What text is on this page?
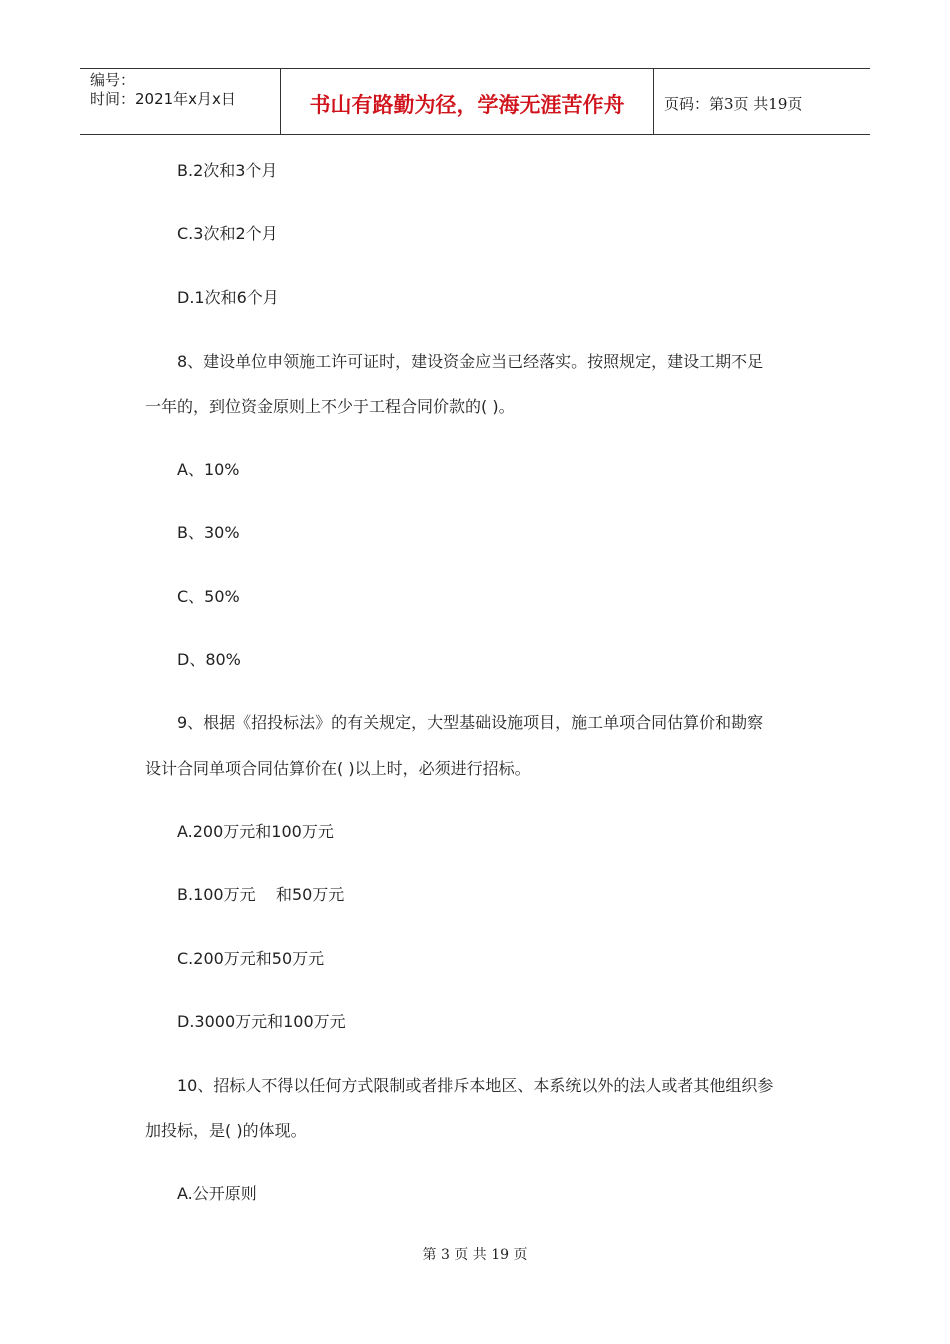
编号：
时间：2021年x月x日	书山有路勤为径，学海无涯苦作舟	页码：第3页 共19页
B.2次和3个月
C.3次和2个月
D.1次和6个月
8、建设单位申领施工许可证时，建设资金应当已经落实。按照规定，建设工期不足
一年的，到位资金原则上不少于工程合同价款的( )。
A、10%
B、30%
C、50%
D、80%
9、根据《招投标法》的有关规定，大型基础设施项目，施工单项合同估算价和勘察
设计合同单项合同估算价在( )以上时，必须进行招标。
A.200万元和100万元
B.100万元    和50万元
C.200万元和50万元
D.3000万元和100万元
10、招标人不得以任何方式限制或者排斥本地区、本系统以外的法人或者其他组织参
加投标，是( )的体现。
A.公开原则
第 3 页 共 19 页
